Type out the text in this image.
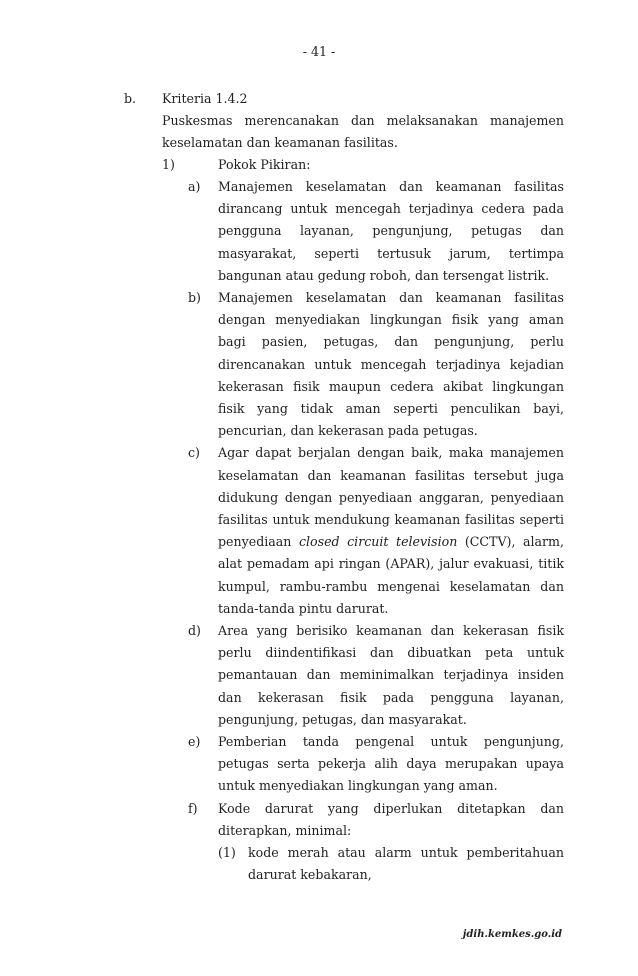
- 41 -
b.	Kriteria 1.4.2
Puskesmas merencanakan dan melaksanakan manajemen keselamatan dan keamanan fasilitas.
1)	Pokok Pikiran:
a)	Manajemen keselamatan dan keamanan fasilitas dirancang untuk mencegah terjadinya cedera pada pengguna layanan, pengunjung, petugas dan masyarakat, seperti tertusuk jarum, tertimpa bangunan atau gedung roboh, dan tersengat listrik.
b)	Manajemen keselamatan dan keamanan fasilitas dengan menyediakan lingkungan fisik yang aman bagi pasien, petugas, dan pengunjung, perlu direncanakan untuk mencegah terjadinya kejadian kekerasan fisik maupun cedera akibat lingkungan fisik yang tidak aman seperti penculikan bayi, pencurian, dan kekerasan pada petugas.
c)	Agar dapat berjalan dengan baik, maka manajemen keselamatan dan keamanan fasilitas tersebut juga didukung dengan penyediaan anggaran, penyediaan fasilitas untuk mendukung keamanan fasilitas seperti penyediaan closed circuit television (CCTV), alarm, alat pemadam api ringan (APAR), jalur evakuasi, titik kumpul, rambu-rambu mengenai keselamatan dan tanda-tanda pintu darurat.
d)	Area yang berisiko keamanan dan kekerasan fisik perlu diindentifikasi dan dibuatkan peta untuk pemantauan dan meminimalkan terjadinya insiden dan kekerasan fisik pada pengguna layanan, pengunjung, petugas, dan masyarakat.
e)	Pemberian tanda pengenal untuk pengunjung, petugas serta pekerja alih daya merupakan upaya untuk menyediakan lingkungan yang aman.
f)	Kode darurat yang diperlukan ditetapkan dan diterapkan, minimal:
(1) kode merah atau alarm untuk pemberitahuan darurat kebakaran,
jdih.kemkes.go.id
